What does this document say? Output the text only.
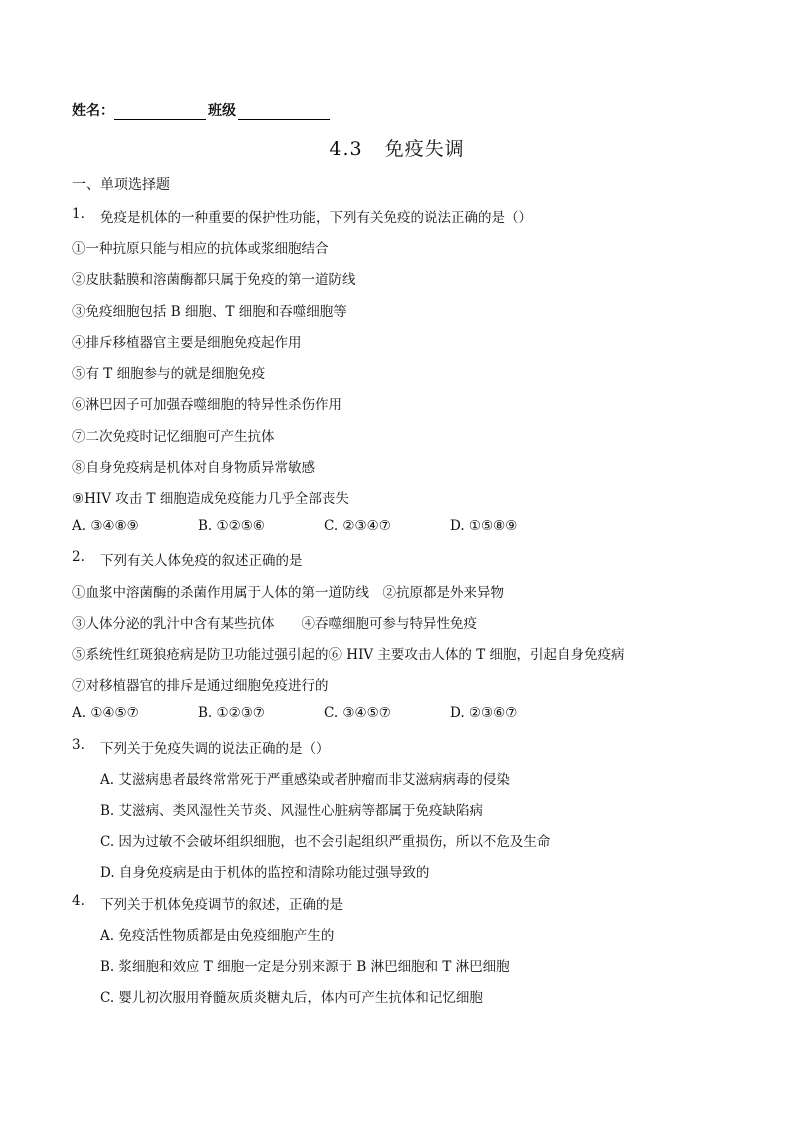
姓名：	班级
4.3 免疫失调
一、单项选择题
1.	免疫是机体的一种重要的保护性功能，下列有关免疫的说法正确的是（）
①一种抗原只能与相应的抗体或浆细胞结合
②皮肤黏膜和溶菌酶都只属于免疫的第一道防线
③免疫细胞包括 B 细胞、T 细胞和吞噬细胞等
④排斥移植器官主要是细胞免疫起作用
⑤有 T 细胞参与的就是细胞免疫
⑥淋巴因子可加强吞噬细胞的特异性杀伤作用
⑦二次免疫时记忆细胞可产生抗体
⑧自身免疫病是机体对自身物质异常敏感
⑨HIV 攻击 T 细胞造成免疫能力几乎全部丧失
A. ③④⑧⑨	B. ①②⑤⑥	C. ②③④⑦	D. ①⑤⑧⑨
2.	下列有关人体免疫的叙述正确的是
①血浆中溶菌酶的杀菌作用属于人体的第一道防线　②抗原都是外来异物
③人体分泌的乳汁中含有某些抗体　　④吞噬细胞可参与特异性免疫
⑤系统性红斑狼疮病是防卫功能过强引起的⑥ HIV 主要攻击人体的 T 细胞，引起自身免疫病
⑦对移植器官的排斥是通过细胞免疫进行的
A. ①④⑤⑦	B. ①②③⑦	C. ③④⑤⑦	D. ②③⑥⑦
3.	下列关于免疫失调的说法正确的是（）
A. 艾滋病患者最终常常死于严重感染或者肿瘤而非艾滋病病毒的侵染
B. 艾滋病、类风湿性关节炎、风湿性心脏病等都属于免疫缺陷病
C. 因为过敏不会破坏组织细胞，也不会引起组织严重损伤，所以不危及生命
D. 自身免疫病是由于机体的监控和清除功能过强导致的
4.	下列关于机体免疫调节的叙述，正确的是
A. 免疫活性物质都是由免疫细胞产生的
B. 浆细胞和效应 T 细胞一定是分别来源于 B 淋巴细胞和 T 淋巴细胞
C. 婴儿初次服用脊髓灰质炎糖丸后，体内可产生抗体和记忆细胞
